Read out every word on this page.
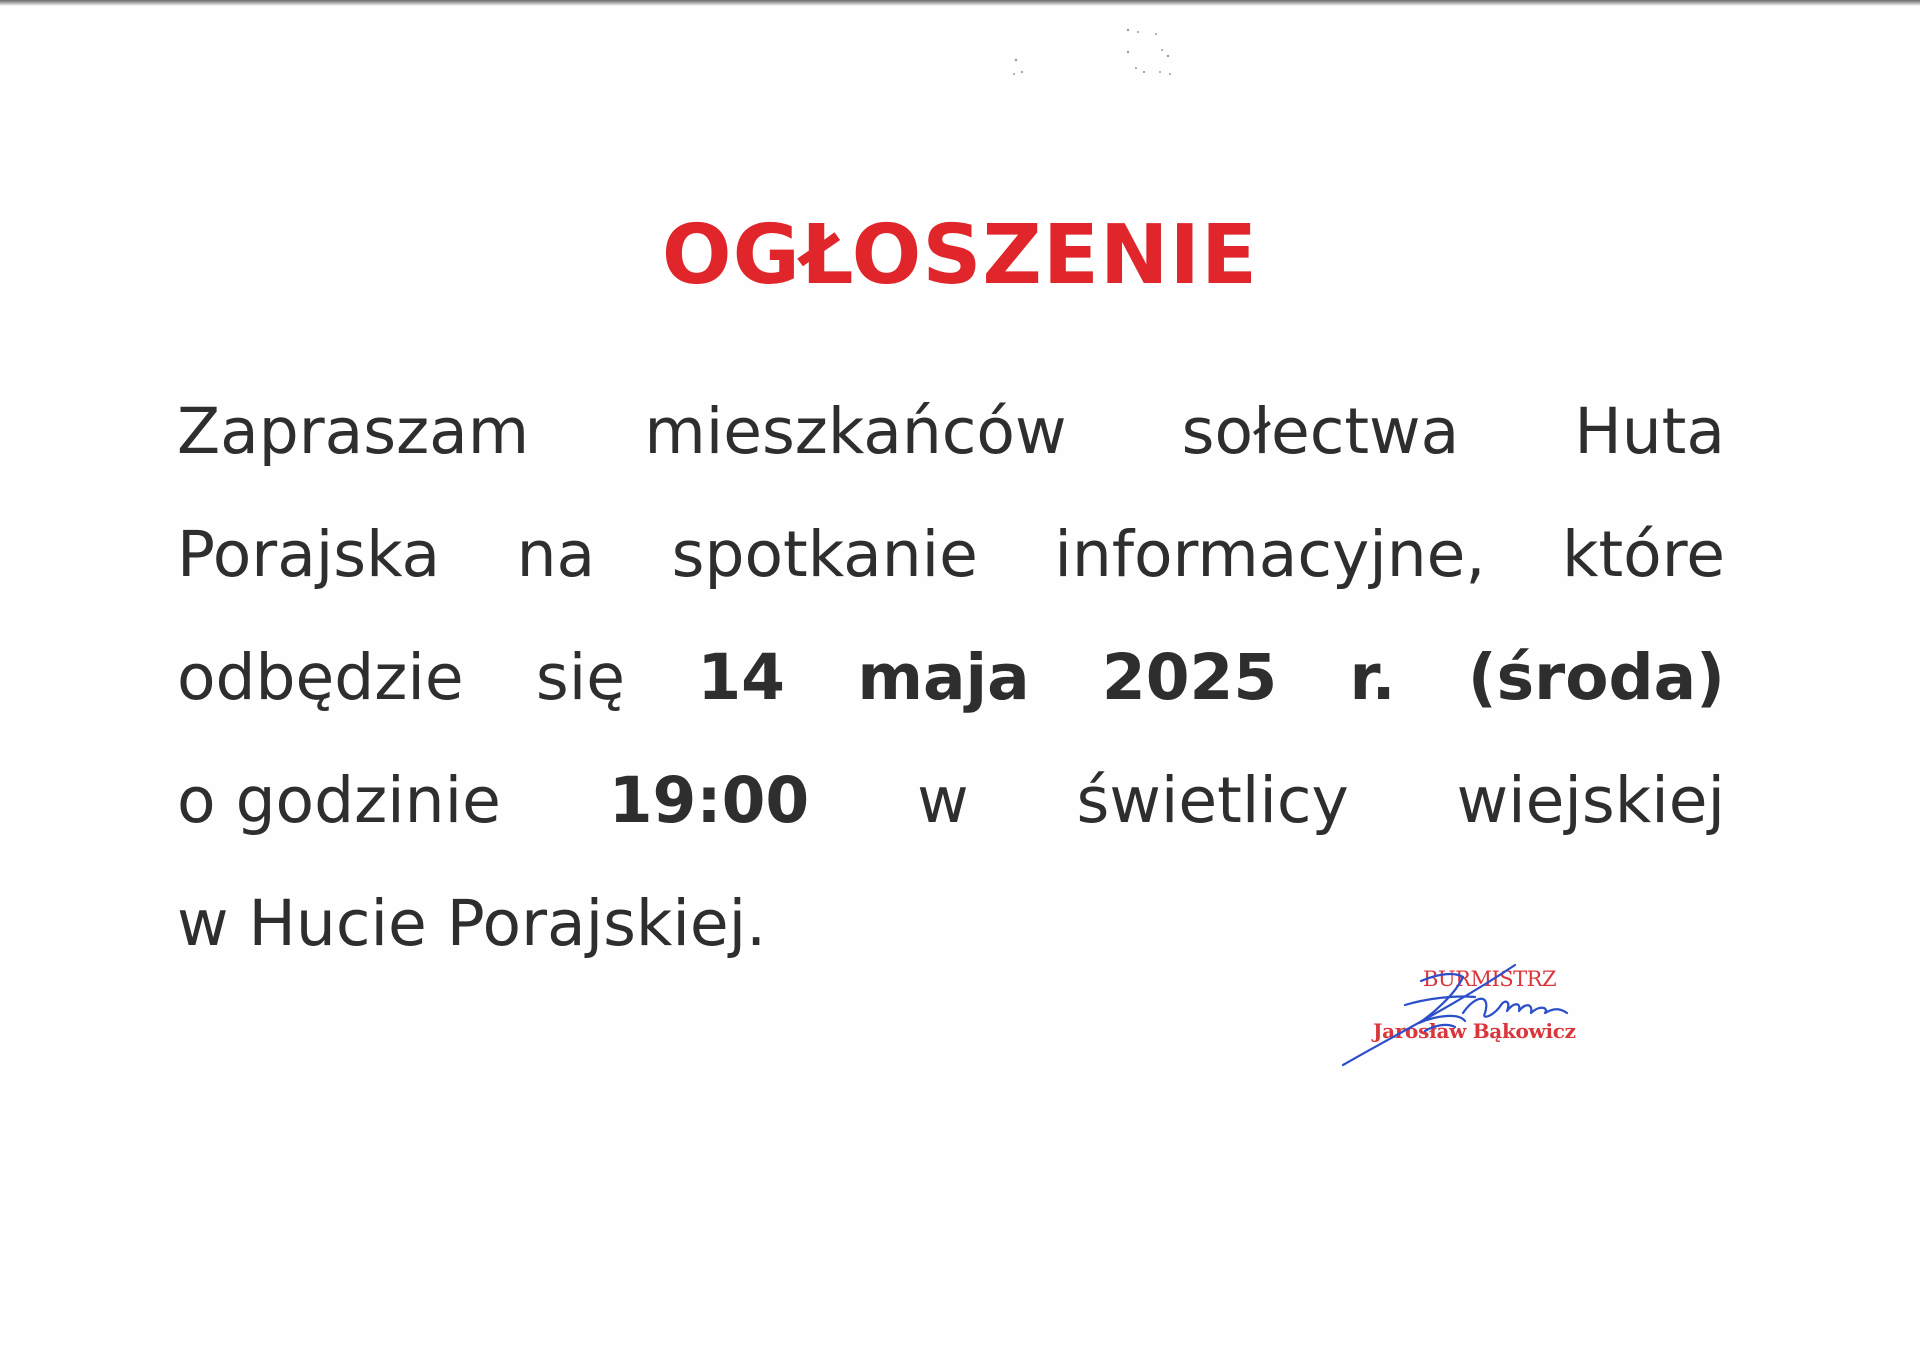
OGŁOSZENIE
Zapraszam mieszkańców sołectwa Huta
Porajska na spotkanie informacyjne, które
odbędzie się 14 maja 2025 r. (środa)
o godzinie 19:00 w świetlicy wiejskiej
w Hucie Porajskiej.
BURMISTRZ
Jarosław Bąkowicz
